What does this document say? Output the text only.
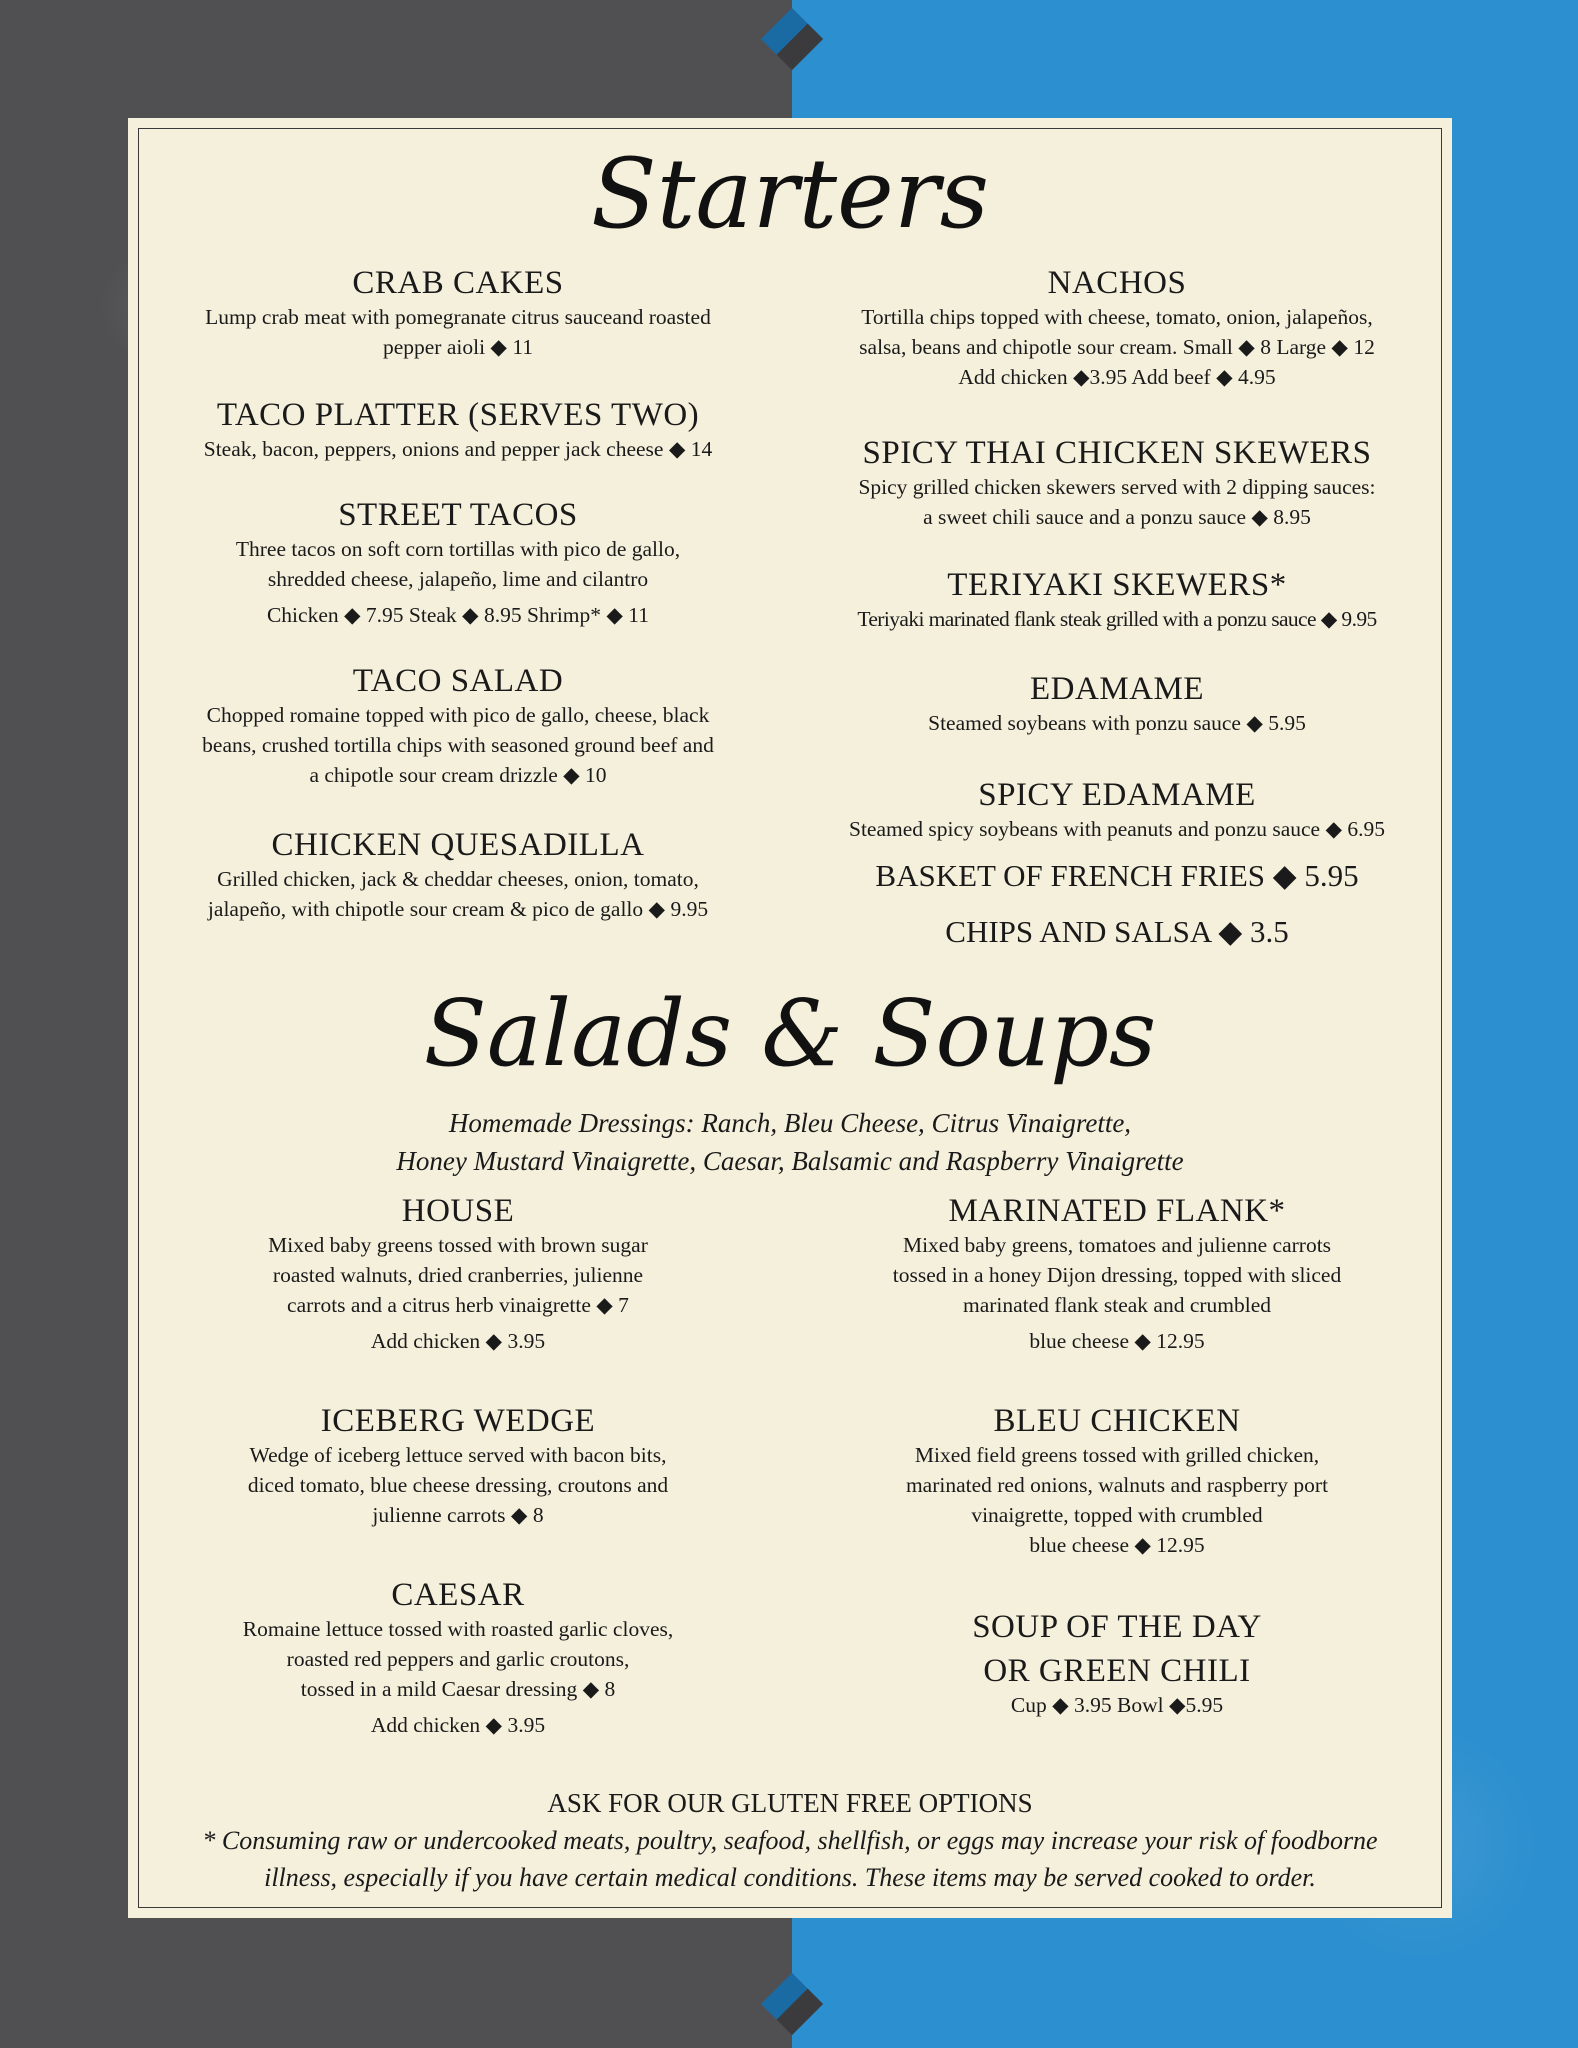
Starters
CRAB CAKES
Lump crab meat with pomegranate citrus sauceand roasted
pepper aioli ◆ 11
TACO PLATTER (SERVES TWO)
Steak, bacon, peppers, onions and pepper jack cheese ◆ 14
STREET TACOS
Three tacos on soft corn tortillas with pico de gallo,
shredded cheese, jalapeño, lime and cilantro
Chicken ◆ 7.95 Steak ◆ 8.95 Shrimp* ◆ 11
TACO SALAD
Chopped romaine topped with pico de gallo, cheese, black
beans, crushed tortilla chips with seasoned ground beef and
a chipotle sour cream drizzle ◆ 10
CHICKEN QUESADILLA
Grilled chicken, jack & cheddar cheeses, onion, tomato,
jalapeño, with chipotle sour cream & pico de gallo ◆ 9.95
NACHOS
Tortilla chips topped with cheese, tomato, onion, jalapeños,
salsa, beans and chipotle sour cream. Small ◆ 8 Large ◆ 12
Add chicken ◆3.95 Add beef ◆ 4.95
SPICY THAI CHICKEN SKEWERS
Spicy grilled chicken skewers served with 2 dipping sauces:
a sweet chili sauce and a ponzu sauce ◆ 8.95
TERIYAKI SKEWERS*
Teriyaki marinated flank steak grilled with a ponzu sauce ◆ 9.95
EDAMAME
Steamed soybeans with ponzu sauce ◆ 5.95
SPICY EDAMAME
Steamed spicy soybeans with peanuts and ponzu sauce ◆ 6.95
BASKET OF FRENCH FRIES ◆ 5.95
CHIPS AND SALSA ◆ 3.5
Salads & Soups
Homemade Dressings: Ranch, Bleu Cheese, Citrus Vinaigrette,
Honey Mustard Vinaigrette, Caesar, Balsamic and Raspberry Vinaigrette
HOUSE
Mixed baby greens tossed with brown sugar
roasted walnuts, dried cranberries, julienne
carrots and a citrus herb vinaigrette ◆ 7
Add chicken ◆ 3.95
ICEBERG WEDGE
Wedge of iceberg lettuce served with bacon bits,
diced tomato, blue cheese dressing, croutons and
julienne carrots ◆ 8
CAESAR
Romaine lettuce tossed with roasted garlic cloves,
roasted red peppers and garlic croutons,
tossed in a mild Caesar dressing ◆ 8
Add chicken ◆ 3.95
MARINATED FLANK*
Mixed baby greens, tomatoes and julienne carrots
tossed in a honey Dijon dressing, topped with sliced
marinated flank steak and crumbled
blue cheese ◆ 12.95
BLEU CHICKEN
Mixed field greens tossed with grilled chicken,
marinated red onions, walnuts and raspberry port
vinaigrette, topped with crumbled
blue cheese ◆ 12.95
SOUP OF THE DAY
OR GREEN CHILI
Cup ◆ 3.95 Bowl ◆5.95
ASK FOR OUR GLUTEN FREE OPTIONS
* Consuming raw or undercooked meats, poultry, seafood, shellfish, or eggs may increase your risk of foodborne
illness, especially if you have certain medical conditions. These items may be served cooked to order.
